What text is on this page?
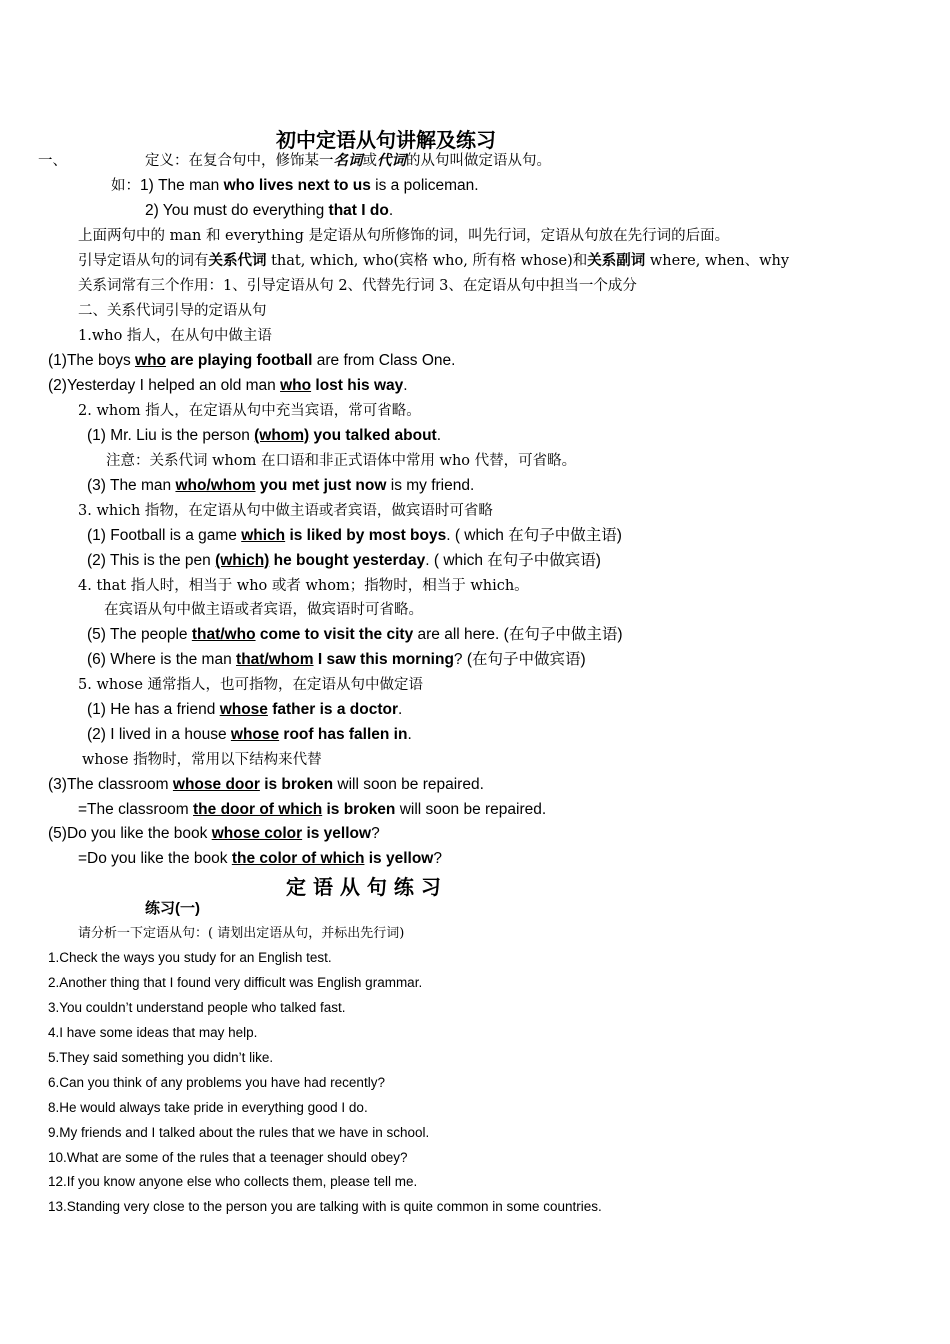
初中定语从句讲解及练习
一、	定义：在复合句中，修饰某一名词或代词的从句叫做定语从句。
如：1) The man who lives next to us is a policeman.
2) You must do everything that I do.
上面两句中的 man 和 everything 是定语从句所修饰的词，叫先行词，定语从句放在先行词的后面。
引导定语从句的词有关系代词 that, which, who(宾格 who, 所有格 whose)和关系副词 where, when、why
关系词常有三个作用：1、引导定语从句 2、代替先行词 3、在定语从句中担当一个成分
二、关系代词引导的定语从句
1.who 指人，在从句中做主语
(1)The boys who are playing football are from Class One.
(2)Yesterday I helped an old man who lost his way.
2. whom 指人，在定语从句中充当宾语，常可省略。
(1) Mr. Liu is the person (whom) you talked about.
注意：关系代词 whom 在口语和非正式语体中常用 who 代替，可省略。
(3) The man who/whom you met just now is my friend.
3. which 指物，在定语从句中做主语或者宾语，做宾语时可省略
(1) Football is a game which is liked by most boys. ( which 在句子中做主语)
(2) This is the pen (which) he bought yesterday. ( which 在句子中做宾语)
4. that 指人时，相当于 who 或者 whom；指物时，相当于 which。
在宾语从句中做主语或者宾语，做宾语时可省略。
(5) The people that/who come to visit the city are all here. (在句子中做主语)
(6) Where is the man that/whom I saw this morning? (在句子中做宾语)
5. whose 通常指人，也可指物，在定语从句中做定语
(1) He has a friend whose father is a doctor.
(2) I lived in a house whose roof has fallen in.
whose 指物时，常用以下结构来代替
(3)The classroom whose door is broken will soon be repaired.
=The classroom the door of which is broken will soon be repaired.
(5)Do you like the book whose color is yellow?
=Do you like the book the color of which is yellow?
定 语 从 句 练 习
练习(一)
请分析一下定语从句：( 请划出定语从句，并标出先行词)
1.Check the ways you study for an English test.
2.Another thing that I found very difficult was English grammar.
3.You couldn’t understand people who talked fast.
4.I have some ideas that may help.
5.They said something you didn’t like.
6.Can you think of any problems you have had recently?
8.He would always take pride in everything good I do.
9.My friends and I talked about the rules that we have in school.
10.What are some of the rules that a teenager should obey?
12.If you know anyone else who collects them, please tell me.
13.Standing very close to the person you are talking with is quite common in some countries.
